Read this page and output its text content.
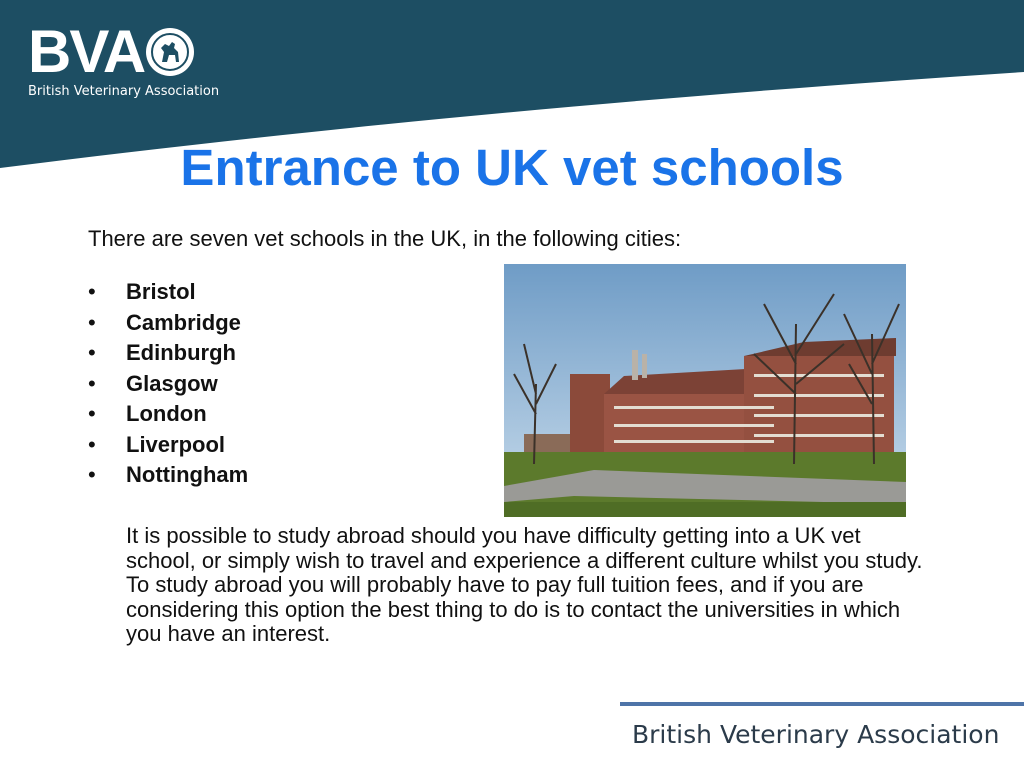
BVA
British Veterinary Association
Entrance to UK vet schools
There are seven vet schools in the UK, in the following cities:
•	Bristol
•	Cambridge
•	Edinburgh
•	Glasgow
•	London
•	Liverpool
•	Nottingham

It is possible to study abroad should you have difficulty getting into a UK vet school, or simply wish to travel and experience a different culture whilst you study. To study abroad you will probably have to pay full tuition fees, and if you are considering this option the best thing to do is to contact the universities in which you have an interest.

British Veterinary Association
